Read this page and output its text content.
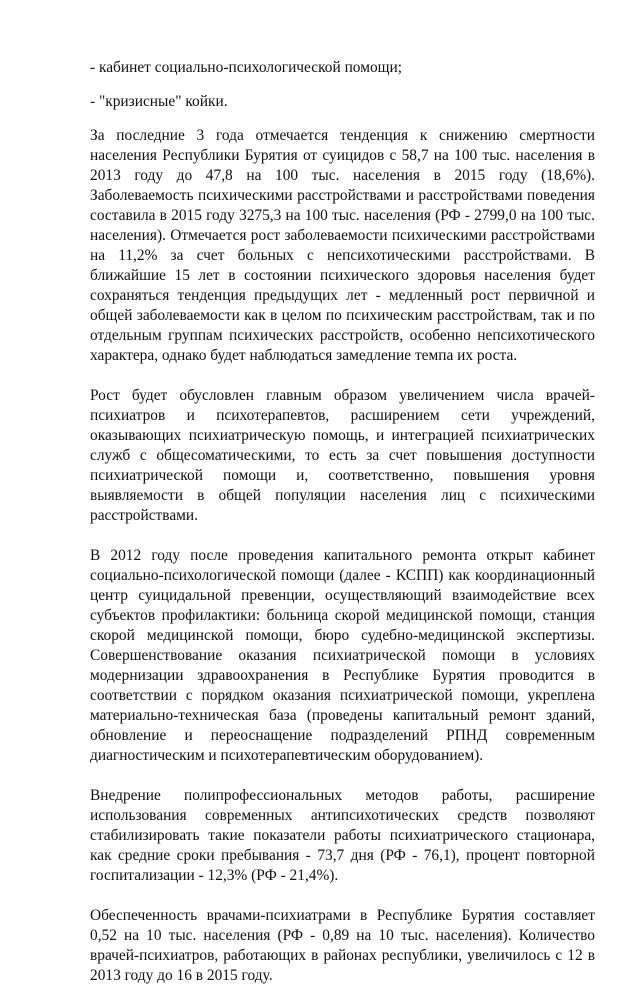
- кабинет социально-психологической помощи;

- "кризисные" койки.

За последние 3 года отмечается тенденция к снижению смертности населения Республики Бурятия от суицидов с 58,7 на 100 тыс. населения в 2013 году до 47,8 на 100 тыс. населения в 2015 году (18,6%). Заболеваемость психическими расстройствами и расстройствами поведения составила в 2015 году 3275,3 на 100 тыс. населения (РФ - 2799,0 на 100 тыс. населения). Отмечается рост заболеваемости психическими расстройствами на 11,2% за счет больных с непсихотическими расстройствами. В ближайшие 15 лет в состоянии психического здоровья населения будет сохраняться тенденция предыдущих лет - медленный рост первичной и общей заболеваемости как в целом по психическим расстройствам, так и по отдельным группам психических расстройств, особенно непсихотического характера, однако будет наблюдаться замедление темпа их роста.

Рост будет обусловлен главным образом увеличением числа врачей-психиатров и психотерапевтов, расширением сети учреждений, оказывающих психиатрическую помощь, и интеграцией психиатрических служб с общесоматическими, то есть за счет повышения доступности психиатрической помощи и, соответственно, повышения уровня выявляемости в общей популяции населения лиц с психическими расстройствами.

В 2012 году после проведения капитального ремонта открыт кабинет социально-психологической помощи (далее - КСПП) как координационный центр суицидальной превенции, осуществляющий взаимодействие всех субъектов профилактики: больница скорой медицинской помощи, станция скорой медицинской помощи, бюро судебно-медицинской экспертизы. Совершенствование оказания психиатрической помощи в условиях модернизации здравоохранения в Республике Бурятия проводится в соответствии с порядком оказания психиатрической помощи, укреплена материально-техническая база (проведены капитальный ремонт зданий, обновление и переоснащение подразделений РПНД современным диагностическим и психотерапевтическим оборудованием).

Внедрение полипрофессиональных методов работы, расширение использования современных антипсихотических средств позволяют стабилизировать такие показатели работы психиатрического стационара, как средние сроки пребывания - 73,7 дня (РФ - 76,1), процент повторной госпитализации - 12,3% (РФ - 21,4%).

Обеспеченность врачами-психиатрами в Республике Бурятия составляет 0,52 на 10 тыс. населения (РФ - 0,89 на 10 тыс. населения). Количество врачей-психиатров, работающих в районах республики, увеличилось с 12 в 2013 году до 16 в 2015 году.
